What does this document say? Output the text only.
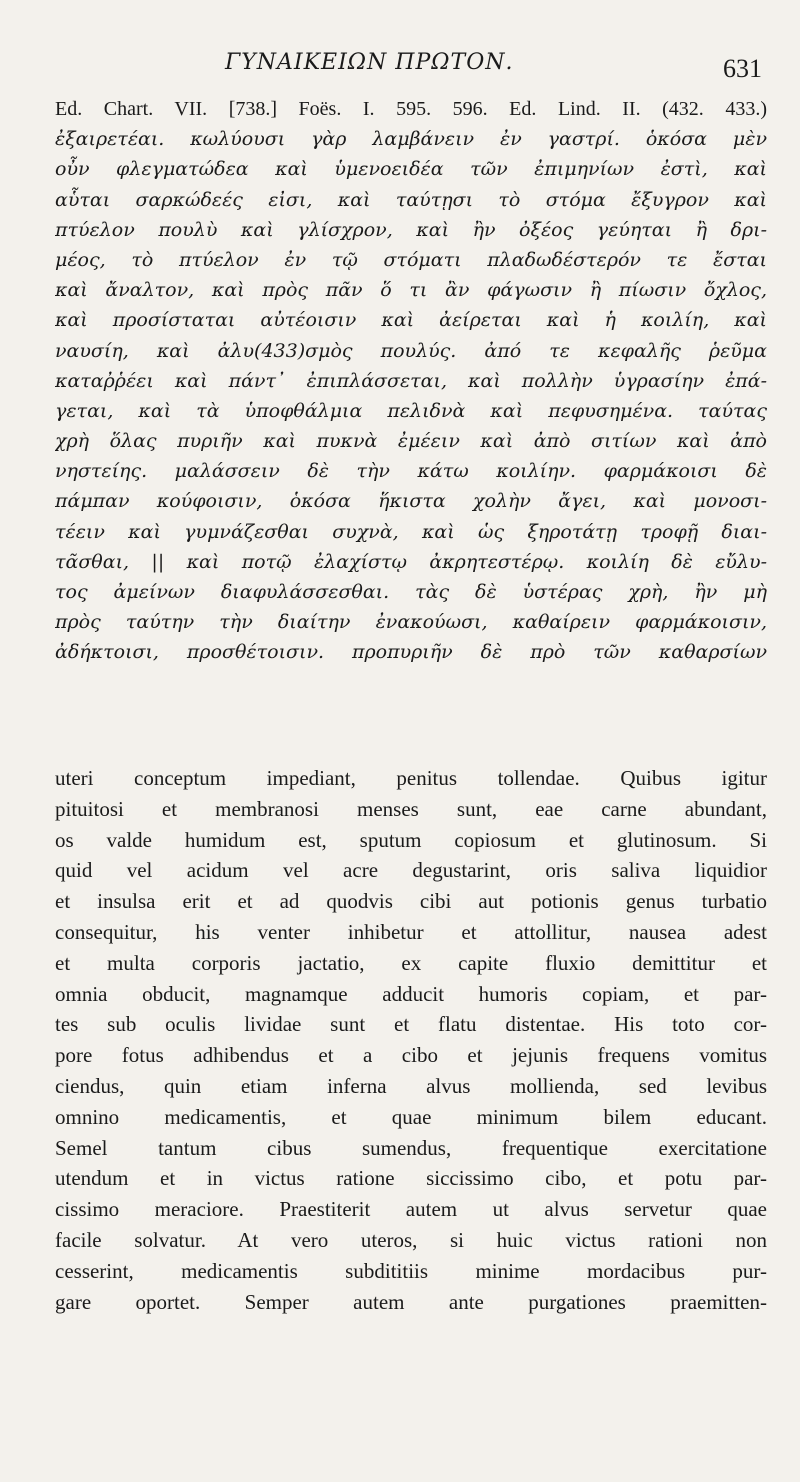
ΓΥΝΑΙΚΕΙΩΝ ΠΡΩΤΟΝ.	631
Ed. Chart. VII. [738.] Foës. I. 595. 596. Ed. Lind. II. (432. 433.)
ἐξαιρετέαι. κωλύουσι γὰρ λαμβάνειν ἐν γαστρί. ὁκόσα μὲν
οὖν φλεγματώδεα καὶ ὑμενοειδέα τῶν ἐπιμηνίων ἐστὶ, καὶ
αὗται σαρκώδεές εἰσι, καὶ ταύτῃσι τὸ στόμα ἔξυγρον καὶ
πτύελον πουλὺ καὶ γλίσχρον, καὶ ἢν ὀξέος γεύηται ἢ δρι-
μέος, τὸ πτύελον ἐν τῷ στόματι πλαδωδέστερόν τε ἔσται
καὶ ἄναλτον, καὶ πρὸς πᾶν ὅ τι ἂν φάγωσιν ἢ πίωσιν ὄχλος,
καὶ προσίσταται αὐτέοισιν καὶ ἀείρεται καὶ ἡ κοιλίη, καὶ
ναυσίη, καὶ ἀλυ(433)σμὸς πουλύς. ἀπό τε κεφαλῆς ῥεῦμα
καταῤῥέει καὶ πάντ᾽ ἐπιπλάσσεται, καὶ πολλὴν ὑγρασίην ἐπά-
γεται, καὶ τὰ ὑποφθάλμια πελιδνὰ καὶ πεφυσημένα. ταύτας
χρὴ ὅλας πυριῆν καὶ πυκνὰ ἐμέειν καὶ ἀπὸ σιτίων καὶ ἀπὸ
νηστείης. μαλάσσειν δὲ τὴν κάτω κοιλίην. φαρμάκοισι δὲ
πάμπαν κούφοισιν, ὁκόσα ἥκιστα χολὴν ἄγει, καὶ μονοσι-
τέειν καὶ γυμνάζεσθαι συχνὰ, καὶ ὡς ξηροτάτῃ τροφῇ διαι-
τᾶσθαι, || καὶ ποτῷ ἐλαχίστῳ ἀκρητεστέρῳ. κοιλίη δὲ εὔλυ-
τος ἀμείνων διαφυλάσσεσθαι. τὰς δὲ ὑστέρας χρὴ, ἢν μὴ
πρὸς ταύτην τὴν διαίτην ἐνακούωσι, καθαίρειν φαρμάκοισιν,
ἀδήκτοισι, προσθέτοισιν. προπυριῆν δὲ πρὸ τῶν καθαρσίων
uteri conceptum impediant, penitus tollendae. Quibus igitur
pituitosi et membranosi menses sunt, eae carne abundant,
os valde humidum est, sputum copiosum et glutinosum. Si
quid vel acidum vel acre degustarint, oris saliva liquidior
et insulsa erit et ad quodvis cibi aut potionis genus turbatio
consequitur, his venter inhibetur et attollitur, nausea adest
et multa corporis jactatio, ex capite fluxio demittitur et
omnia obducit, magnamque adducit humoris copiam, et par-
tes sub oculis lividae sunt et flatu distentae. His toto cor-
pore fotus adhibendus et a cibo et jejunis frequens vomitus
ciendus, quin etiam inferna alvus mollienda, sed levibus
omnino medicamentis, et quae minimum bilem educant.
Semel tantum cibus sumendus, frequentique exercitatione
utendum et in victus ratione siccissimo cibo, et potu par-
cissimo meraciore. Praestiterit autem ut alvus servetur quae
facile solvatur. At vero uteros, si huic victus rationi non
cesserint, medicamentis subdititiis minime mordacibus pur-
gare oportet. Semper autem ante purgationes praemitten-
